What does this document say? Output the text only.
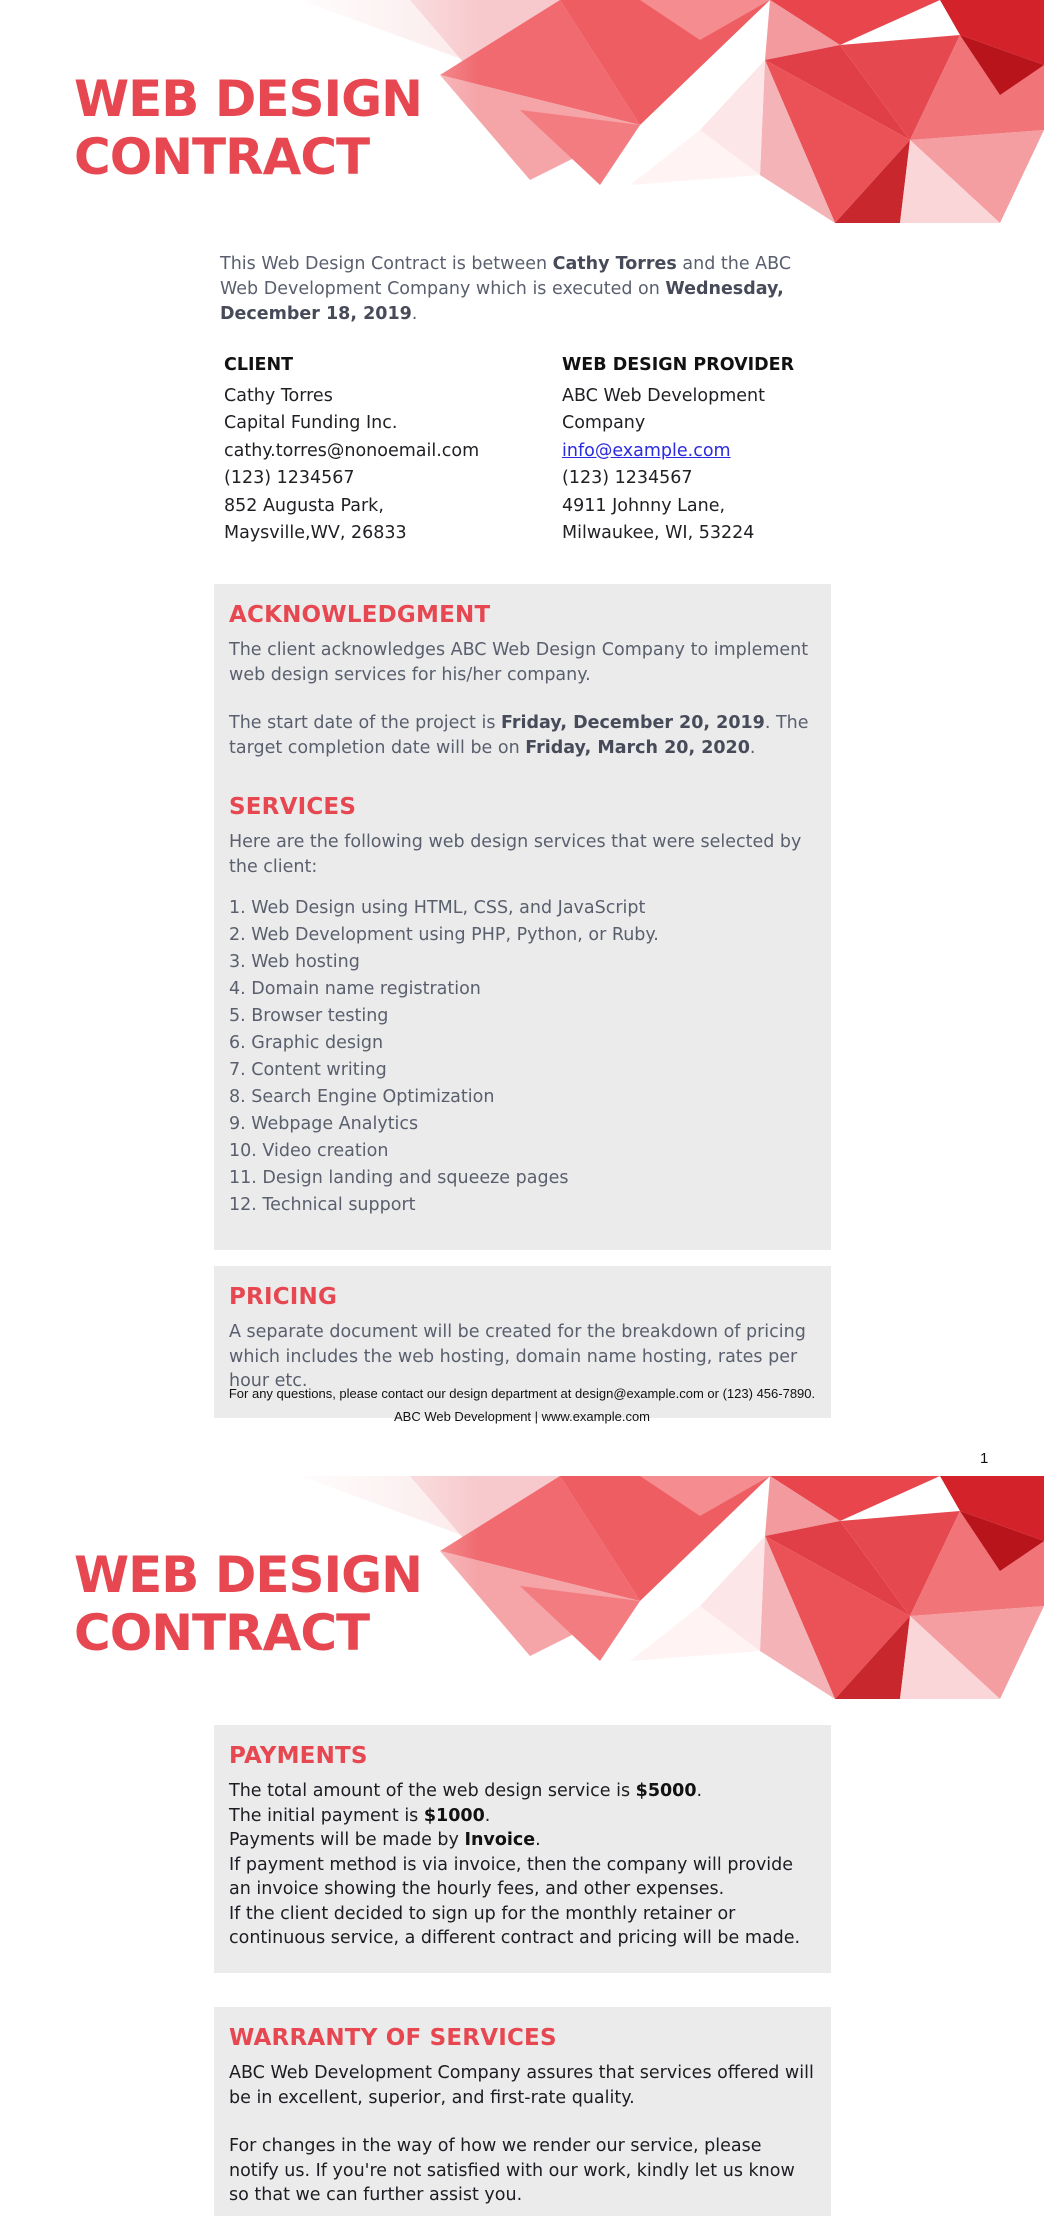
WEB DESIGN
CONTRACT

This Web Design Contract is between Cathy Torres and the ABC Web Development Company which is executed on Wednesday, December 18, 2019.

CLIENT
Cathy Torres
Capital Funding Inc.
cathy.torres@nonoemail.com
(123) 1234567
852 Augusta Park,
Maysville,WV, 26833
WEB DESIGN PROVIDER
ABC Web Development Company
info@example.com
(123) 1234567
4911 Johnny Lane,
Milwaukee, WI, 53224
ACKNOWLEDGMENT

The client acknowledges ABC Web Design Company to implement web design services for his/her company.

The start date of the project is Friday, December 20, 2019. The target completion date will be on Friday, March 20, 2020.

SERVICES

Here are the following web design services that were selected by the client:

1. Web Design using HTML, CSS, and JavaScript
2. Web Development using PHP, Python, or Ruby.
3. Web hosting
4. Domain name registration
5. Browser testing
6. Graphic design
7. Content writing
8. Search Engine Optimization
9. Webpage Analytics
10. Video creation
11. Design landing and squeeze pages
12. Technical support
PRICING

A separate document will be created for the breakdown of pricing which includes the web hosting, domain name hosting, rates per hour etc.

For any questions, please contact our design department at design@example.com or (123) 456-7890.
ABC Web Development | www.example.com
1
WEB DESIGN
CONTRACT
PAYMENTS

The total amount of the web design service is $5000.

The initial payment is $1000.

Payments will be made by Invoice.

If payment method is via invoice, then the company will provide an invoice showing the hourly fees, and other expenses.

If the client decided to sign up for the monthly retainer or continuous service, a different contract and pricing will be made.

WARRANTY OF SERVICES

ABC Web Development Company assures that services offered will be in excellent, superior, and first-rate quality.

For changes in the way of how we render our service, please notify us. If you're not satisfied with our work, kindly let us know so that we can further assist you.
